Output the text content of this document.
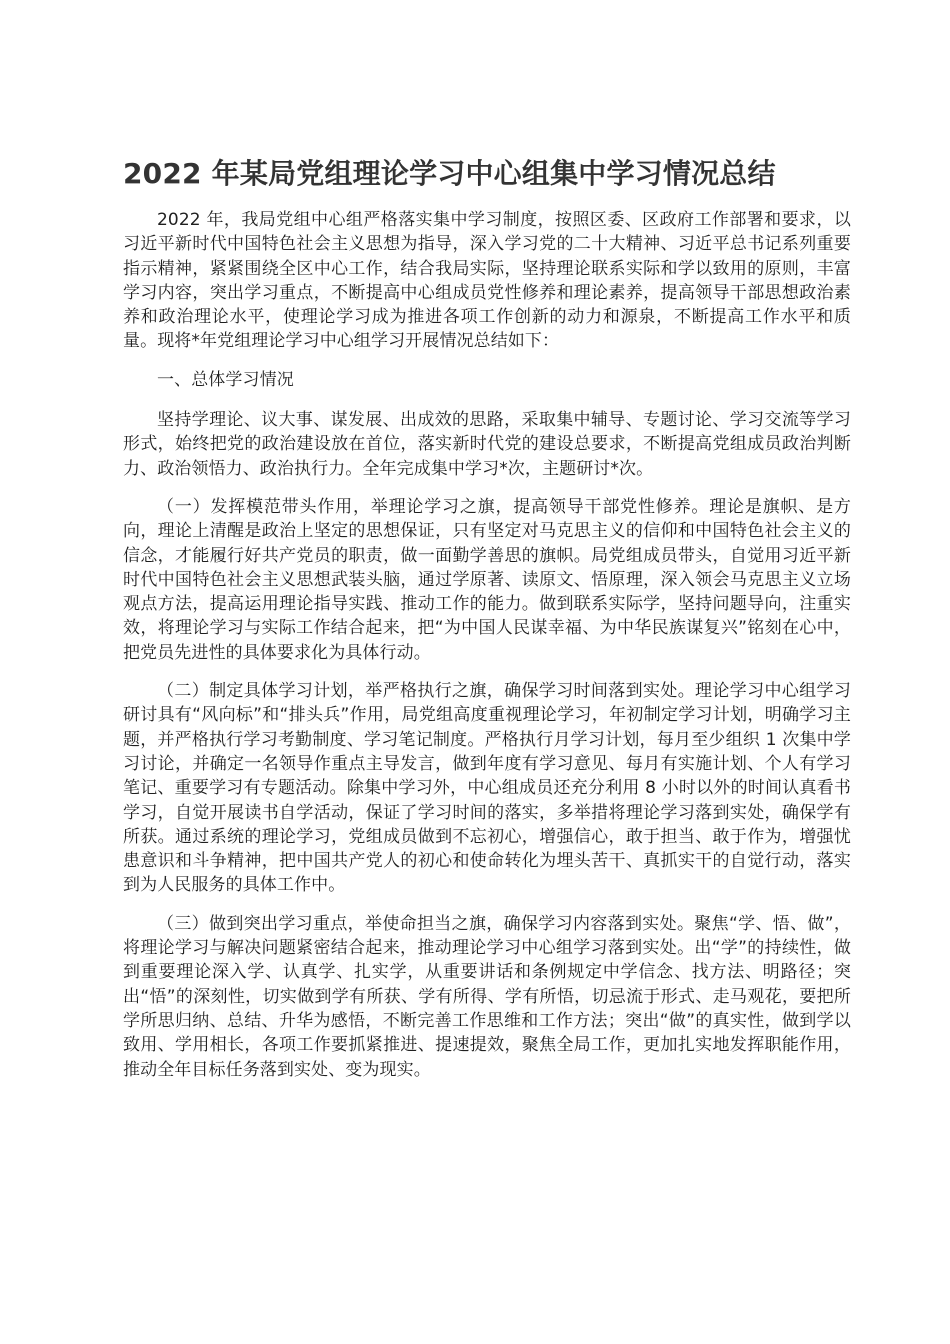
2022 年某局党组理论学习中心组集中学习情况总结

2022 年，我局党组中心组严格落实集中学习制度，按照区委、区政府工作部署和要求，以习近平新时代中国特色社会主义思想为指导，深入学习党的二十大精神、习近平总书记系列重要指示精神，紧紧围绕全区中心工作，结合我局实际，坚持理论联系实际和学以致用的原则，丰富学习内容，突出学习重点，不断提高中心组成员党性修养和理论素养，提高领导干部思想政治素养和政治理论水平，使理论学习成为推进各项工作创新的动力和源泉，不断提高工作水平和质量。现将*年党组理论学习中心组学习开展情况总结如下：

一、总体学习情况

坚持学理论、议大事、谋发展、出成效的思路，采取集中辅导、专题讨论、学习交流等学习形式，始终把党的政治建设放在首位，落实新时代党的建设总要求，不断提高党组成员政治判断力、政治领悟力、政治执行力。全年完成集中学习*次，主题研讨*次。

（一）发挥模范带头作用，举理论学习之旗，提高领导干部党性修养。理论是旗帜、是方向，理论上清醒是政治上坚定的思想保证，只有坚定对马克思主义的信仰和中国特色社会主义的信念，才能履行好共产党员的职责，做一面勤学善思的旗帜。局党组成员带头，自觉用习近平新时代中国特色社会主义思想武装头脑，通过学原著、读原文、悟原理，深入领会马克思主义立场观点方法，提高运用理论指导实践、推动工作的能力。做到联系实际学，坚持问题导向，注重实效，将理论学习与实际工作结合起来，把“为中国人民谋幸福、为中华民族谋复兴”铭刻在心中，把党员先进性的具体要求化为具体行动。

（二）制定具体学习计划，举严格执行之旗，确保学习时间落到实处。理论学习中心组学习研讨具有“风向标”和“排头兵”作用，局党组高度重视理论学习，年初制定学习计划，明确学习主题，并严格执行学习考勤制度、学习笔记制度。严格执行月学习计划，每月至少组织 1 次集中学习讨论，并确定一名领导作重点主导发言，做到年度有学习意见、每月有实施计划、个人有学习笔记、重要学习有专题活动。除集中学习外，中心组成员还充分利用 8 小时以外的时间认真看书学习，自觉开展读书自学活动，保证了学习时间的落实，多举措将理论学习落到实处，确保学有所获。通过系统的理论学习，党组成员做到不忘初心，增强信心，敢于担当、敢于作为，增强忧患意识和斗争精神，把中国共产党人的初心和使命转化为埋头苦干、真抓实干的自觉行动，落实到为人民服务的具体工作中。

（三）做到突出学习重点，举使命担当之旗，确保学习内容落到实处。聚焦“学、悟、做”，将理论学习与解决问题紧密结合起来，推动理论学习中心组学习落到实处。出“学”的持续性，做到重要理论深入学、认真学、扎实学，从重要讲话和条例规定中学信念、找方法、明路径；突出“悟”的深刻性，切实做到学有所获、学有所得、学有所悟，切忌流于形式、走马观花，要把所学所思归纳、总结、升华为感悟，不断完善工作思维和工作方法；突出“做”的真实性，做到学以致用、学用相长，各项工作要抓紧推进、提速提效，聚焦全局工作，更加扎实地发挥职能作用，推动全年目标任务落到实处、变为现实。
